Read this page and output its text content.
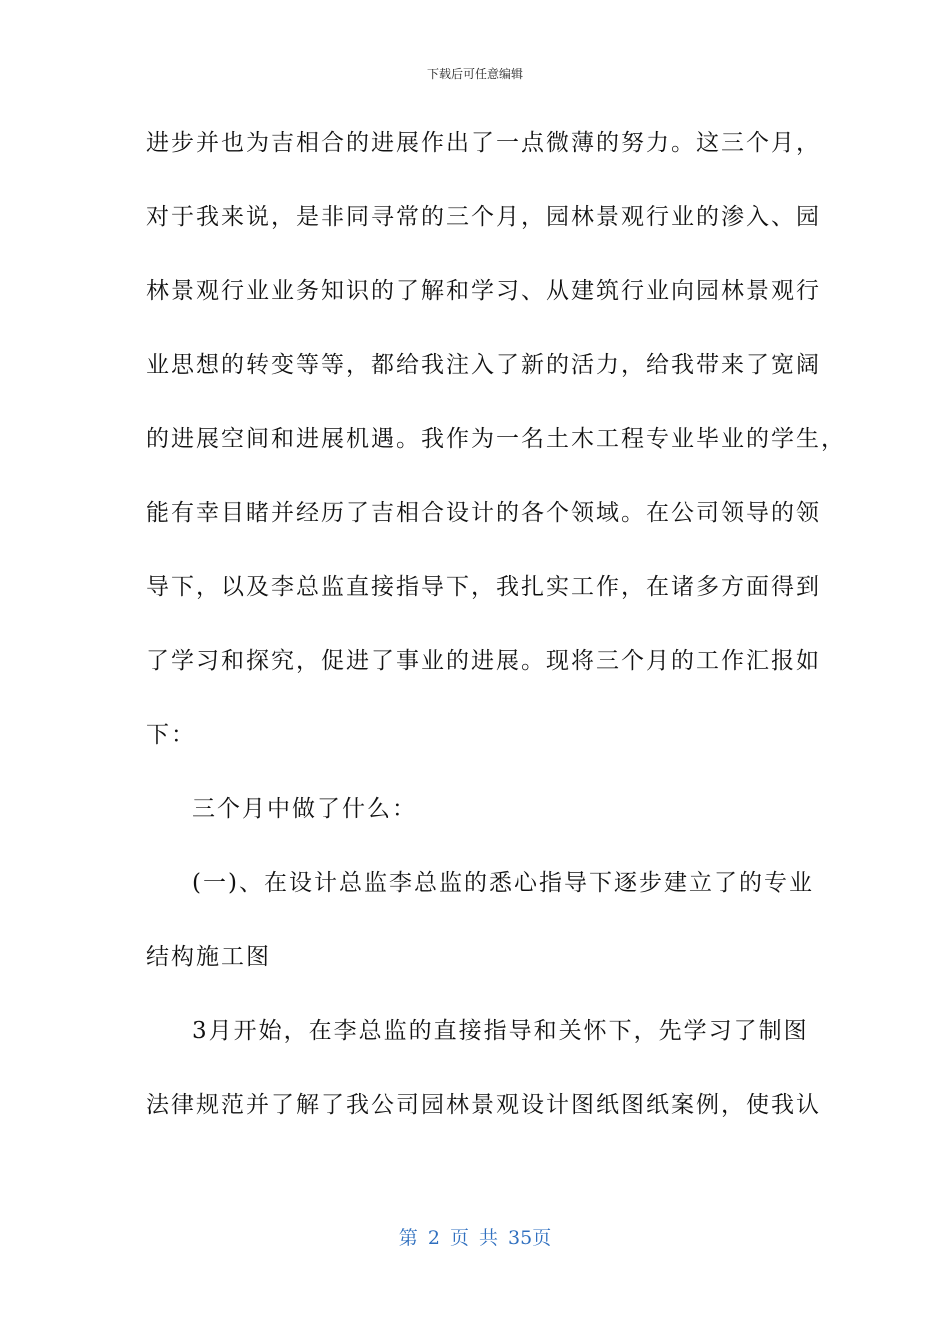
下载后可任意编辑
进步并也为吉相合的进展作出了一点微薄的努力。这三个月，
对于我来说，是非同寻常的三个月，园林景观行业的渗入、园
林景观行业业务知识的了解和学习、从建筑行业向园林景观行
业思想的转变等等，都给我注入了新的活力，给我带来了宽阔
的进展空间和进展机遇。我作为一名土木工程专业毕业的学生，
能有幸目睹并经历了吉相合设计的各个领域。在公司领导的领
导下，以及李总监直接指导下，我扎实工作，在诸多方面得到
了学习和探究，促进了事业的进展。现将三个月的工作汇报如
下：
三个月中做了什么：
(一)、在设计总监李总监的悉心指导下逐步建立了的专业
结构施工图
3月开始，在李总监的直接指导和关怀下，先学习了制图
法律规范并了解了我公司园林景观设计图纸图纸案例，使我认
第 2 页 共 35页
